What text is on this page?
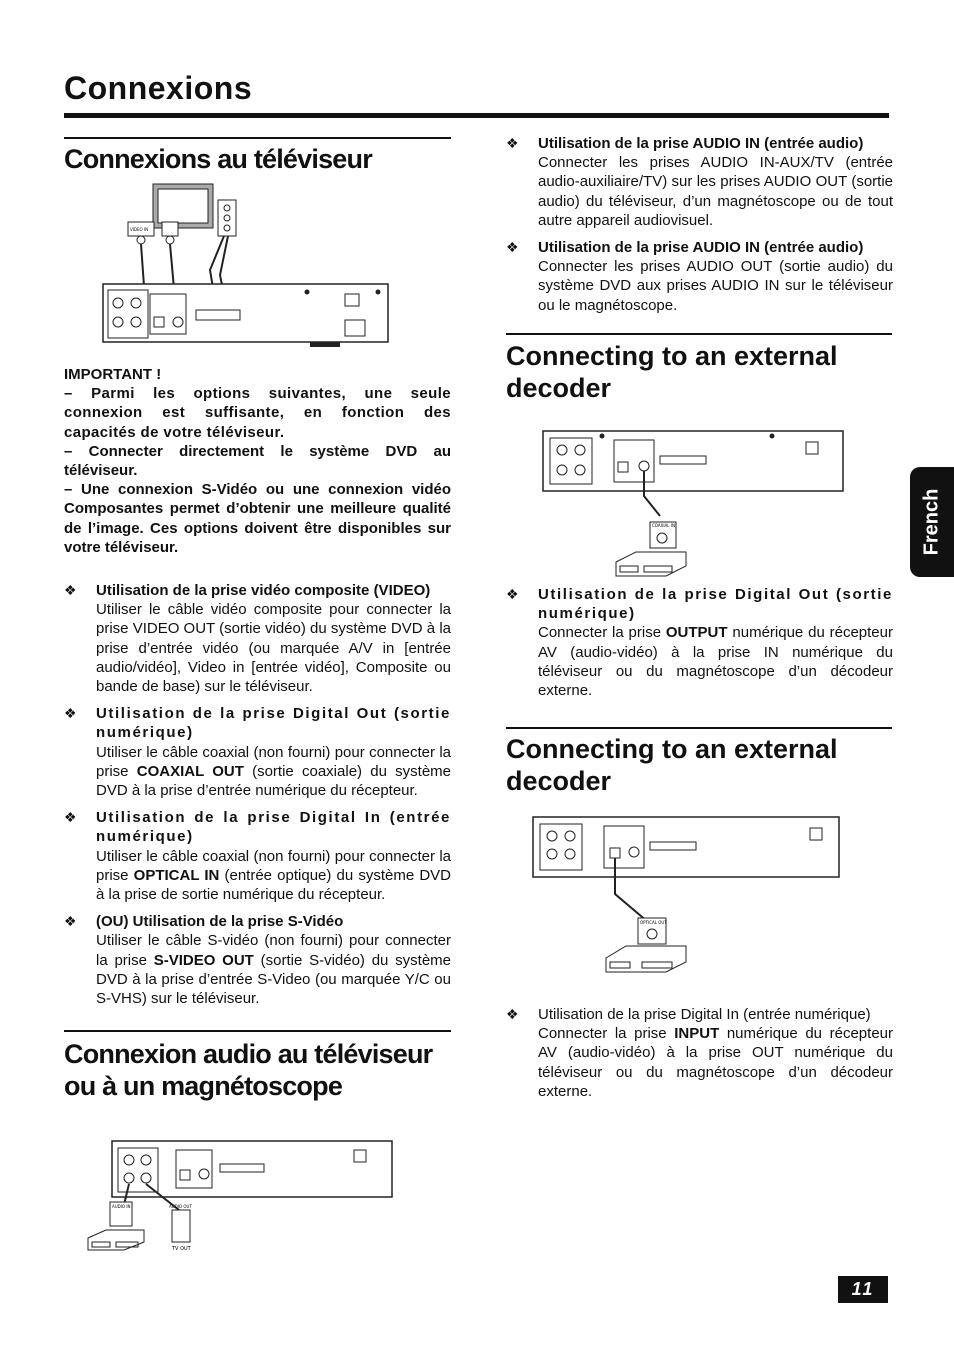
Connexions
Connexions au téléviseur
VIDEO IN
IMPORTANT !
– Parmi les options suivantes, une seule connexion est suffisante, en fonction des capacités de votre téléviseur.
– Connecter directement le système DVD au téléviseur.
– Une connexion S-Vidéo ou une connexion vidéo Composantes permet d’obtenir une meilleure qualité de l’image. Ces options doivent être disponibles sur votre téléviseur.
❖ Utilisation de la prise vidéo composite (VIDEO)
Utiliser le câble vidéo composite pour connecter la prise VIDEO OUT (sortie vidéo) du système DVD à la prise d’entrée vidéo (ou marquée A/V in [entrée audio/vidéo], Video in [entrée vidéo], Composite ou bande de base) sur le téléviseur.
❖ Utilisation de la prise Digital Out (sortie numérique)
Utiliser le câble coaxial (non fourni) pour connecter la prise COAXIAL OUT (sortie coaxiale) du système DVD à la prise d’entrée numérique du récepteur.
❖ Utilisation de la prise Digital In (entrée numérique)
Utiliser le câble coaxial (non fourni) pour connecter la prise OPTICAL IN (entrée optique) du système DVD à la prise de sortie numérique du récepteur.
❖ (OU) Utilisation de la prise S-Vidéo
Utiliser le câble S-vidéo (non fourni) pour connecter la prise S-VIDEO OUT (sortie S-vidéo) du système DVD à la prise d’entrée S-Video (ou marquée Y/C ou S-VHS) sur le téléviseur.
Connexion audio au téléviseur ou à un magnétoscope
AUDIO IN	AUDIO OUT
TV OUT
❖ Utilisation de la prise AUDIO IN (entrée audio)
Connecter les prises AUDIO IN-AUX/TV (entrée audio-auxiliaire/TV) sur les prises AUDIO OUT (sortie audio) du téléviseur, d’un magnétoscope ou de tout autre appareil audiovisuel.
❖ Utilisation de la prise AUDIO IN (entrée audio)
Connecter les prises AUDIO OUT (sortie audio) du système DVD aux prises AUDIO IN sur le téléviseur ou le magnétoscope.
Connecting to an external decoder
COAXIAL IN
❖ Utilisation de la prise Digital Out (sortie numérique)
Connecter la prise OUTPUT numérique du récepteur AV (audio-vidéo) à la prise IN numérique du téléviseur ou du magnétoscope d’un décodeur externe.
Connecting to an external decoder
OPTICAL OUT
❖ Utilisation de la prise Digital In (entrée numérique)
Connecter la prise INPUT numérique du récepteur AV (audio-vidéo) à la prise OUT numérique du téléviseur ou du magnétoscope d’un décodeur externe.
French
11
